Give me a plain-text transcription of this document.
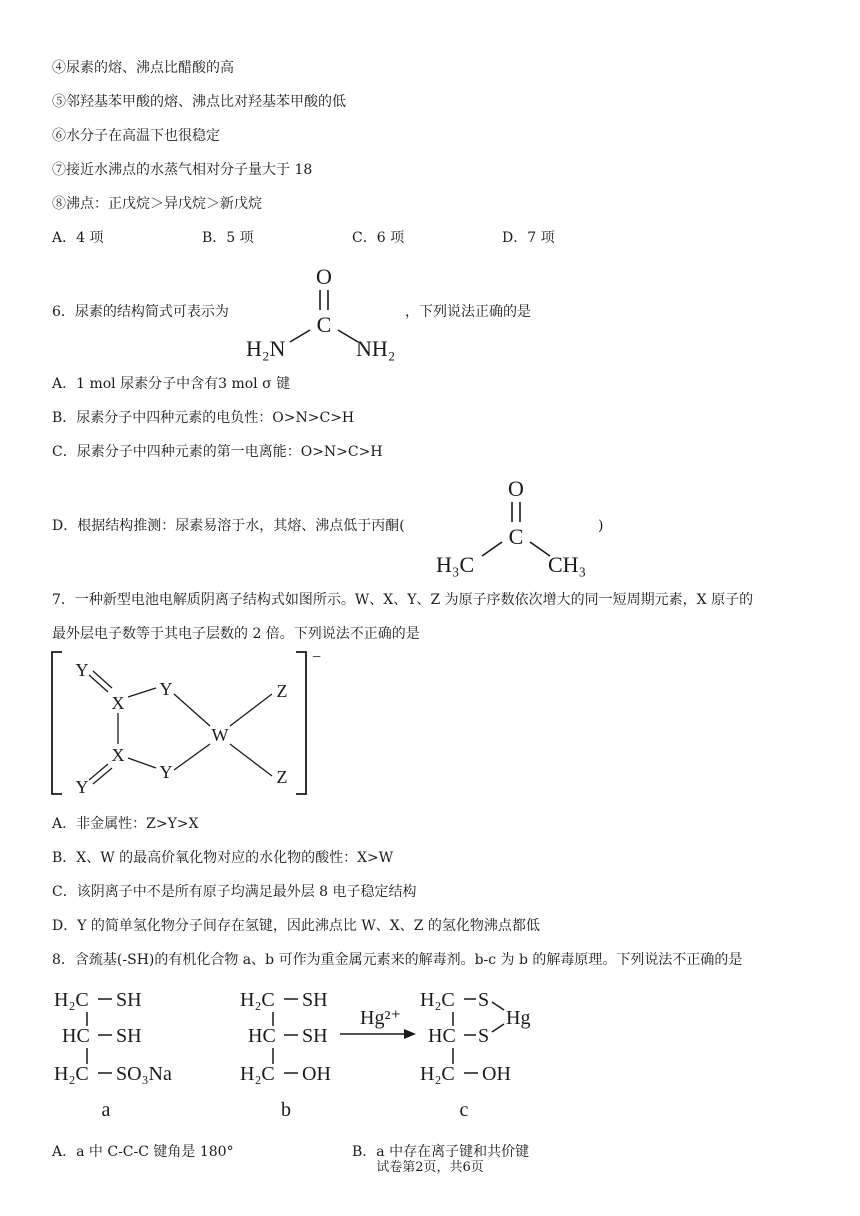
④尿素的熔、沸点比醋酸的高
⑤邻羟基苯甲酸的熔、沸点比对羟基苯甲酸的低
⑥水分子在高温下也很稳定
⑦接近水沸点的水蒸气相对分子量大于 18
⑧沸点：正戊烷＞异戊烷＞新戊烷
A．4 项	B．5 项	C．6 项	D．7 项
6．尿素的结构简式可表示为	，下列说法正确的是
O
C
H₂N	NH₂
A．1 mol 尿素分子中含有3 mol σ 键
B．尿素分子中四种元素的电负性：O>N>C>H
C．尿素分子中四种元素的第一电离能：O>N>C>H
D．根据结构推测：尿素易溶于水，其熔、沸点低于丙酮(	)
O
C
H₃C	CH₃
7．一种新型电池电解质阴离子结构式如图所示。W、X、Y、Z 为原子序数依次增大的同一短周期元素，X 原子的
最外层电子数等于其电子层数的 2 倍。下列说法不正确的是
−
Y
X
Y	Z
W
X
Y	Z
Y
A．非金属性：Z>Y>X
B．X、W 的最高价氧化物对应的水化物的酸性：X>W
C．该阴离子中不是所有原子均满足最外层 8 电子稳定结构
D．Y 的简单氢化物分子间存在氢键，因此沸点比 W、X、Z 的氢化物沸点都低
8．含巯基(-SH)的有机化合物 a、b 可作为重金属元素来的解毒剂。b-c 为 b 的解毒原理。下列说法不正确的是
H₂C SH
HC SH
H₂C SO₃Na
a
H₂C SH
HC SH
H₂C OH
b
Hg²⁺
H₂C S
HC S
Hg
H₂C OH
c
A．a 中 C-C-C 键角是 180°	B．a 中存在离子键和共价键
试卷第2页，共6页
